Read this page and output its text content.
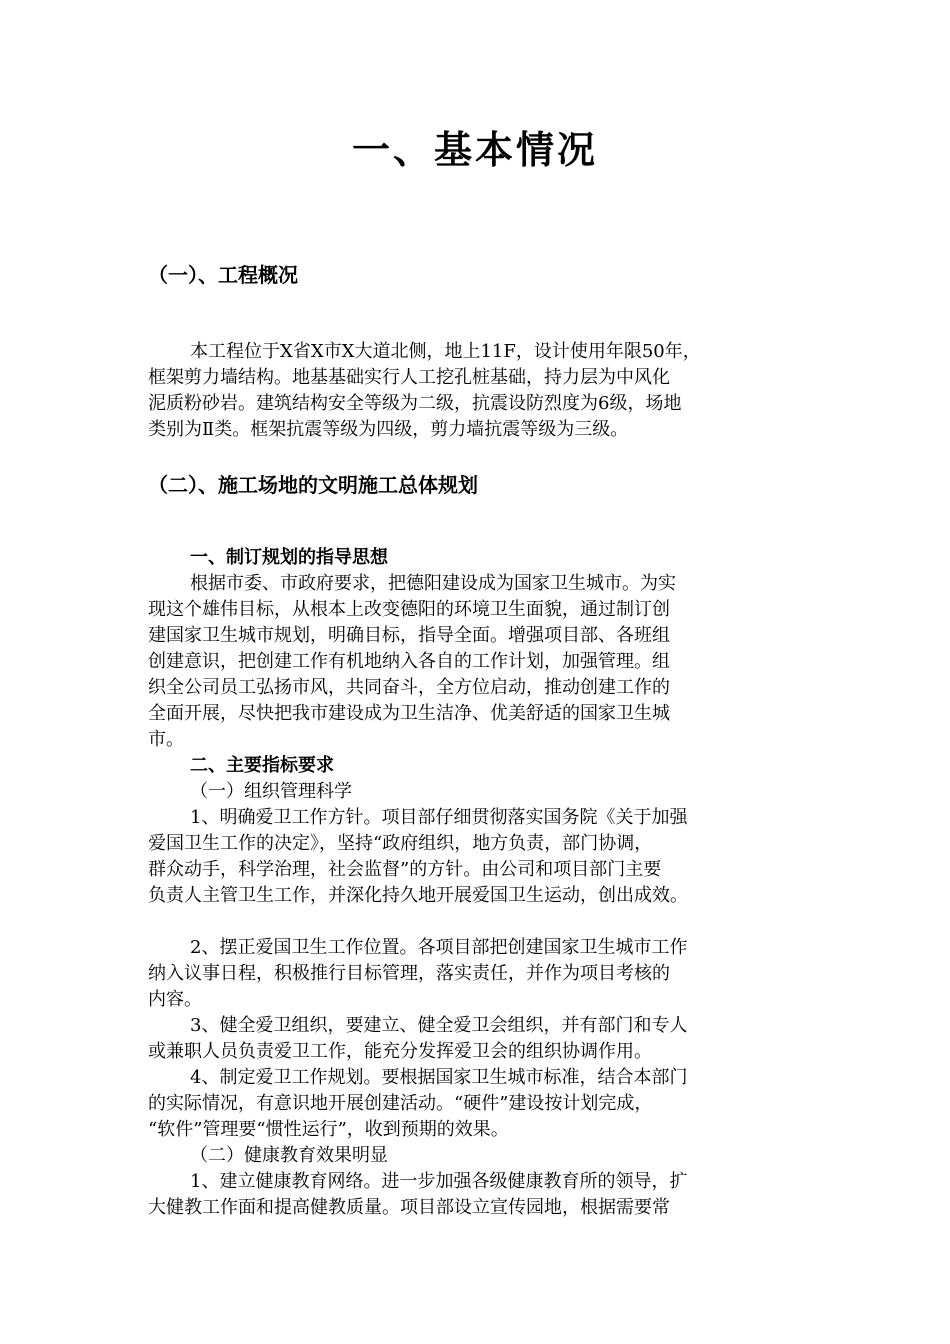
一、基本情况
（一）、工程概况
本工程位于X省X市X大道北侧，地上11F，设计使用年限50年，
框架剪力墙结构。地基基础实行人工挖孔桩基础，持力层为中风化
泥质粉砂岩。建筑结构安全等级为二级，抗震设防烈度为6级，场地
类别为Ⅱ类。框架抗震等级为四级，剪力墙抗震等级为三级。
（二）、施工场地的文明施工总体规划
一、制订规划的指导思想
根据市委、市政府要求，把德阳建设成为国家卫生城市。为实
现这个雄伟目标，从根本上改变德阳的环境卫生面貌，通过制订创
建国家卫生城市规划，明确目标，指导全面。增强项目部、各班组
创建意识，把创建工作有机地纳入各自的工作计划，加强管理。组
织全公司员工弘扬市风，共同奋斗，全方位启动，推动创建工作的
全面开展，尽快把我市建设成为卫生洁净、优美舒适的国家卫生城
市。
二、主要指标要求
（一）组织管理科学
1、明确爱卫工作方针。项目部仔细贯彻落实国务院《关于加强
爱国卫生工作的决定》，坚持“政府组织，地方负责，部门协调，
群众动手，科学治理，社会监督”的方针。由公司和项目部门主要
负责人主管卫生工作，并深化持久地开展爱国卫生运动，创出成效。
2、摆正爱国卫生工作位置。各项目部把创建国家卫生城市工作
纳入议事日程，积极推行目标管理，落实责任，并作为项目考核的
内容。
3、健全爱卫组织，要建立、健全爱卫会组织，并有部门和专人
或兼职人员负责爱卫工作，能充分发挥爱卫会的组织协调作用。
4、制定爱卫工作规划。要根据国家卫生城市标准，结合本部门
的实际情况，有意识地开展创建活动。“硬件”建设按计划完成，
“软件”管理要“惯性运行”，收到预期的效果。
（二）健康教育效果明显
1、建立健康教育网络。进一步加强各级健康教育所的领导，扩
大健教工作面和提高健教质量。项目部设立宣传园地，根据需要常
